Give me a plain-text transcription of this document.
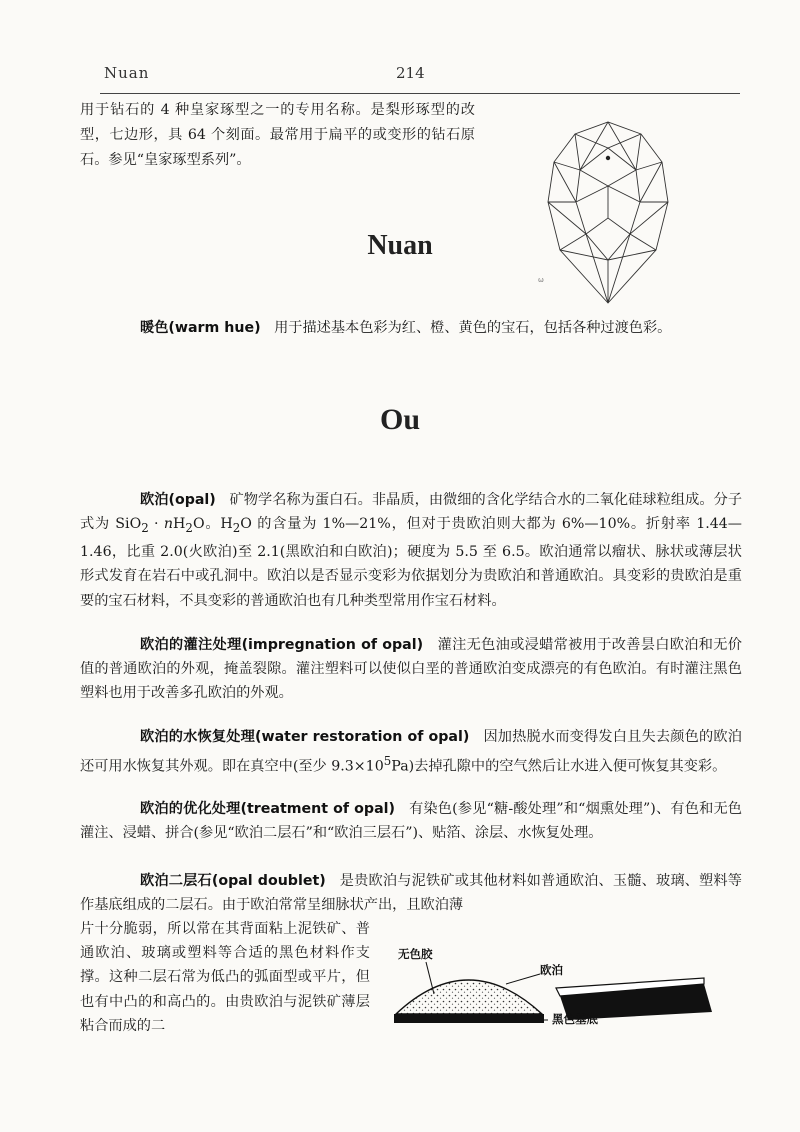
Nuan	214
用于钻石的 4 种皇家琢型之一的专用名称。是梨形琢型的改型，七边形，具 64 个刻面。最常用于扁平的或变形的钻石原石。参见“皇家琢型系列”。
ω
Nuan
Ou
暖色(warm hue) 用于描述基本色彩为红、橙、黄色的宝石，包括各种过渡色彩。
欧泊(opal) 矿物学名称为蛋白石。非晶质，由微细的含化学结合水的二氧化硅球粒组成。分子式为 $SiO_2 \cdot nH_2O$。$H_2O$ 的含量为 1%—21%，但对于贵欧泊则大都为 6%—10%。折射率 1.44—1.46，比重 2.0(火欧泊)至 2.1(黑欧泊和白欧泊)；硬度为 5.5 至 6.5。欧泊通常以瘤状、脉状或薄层状形式发育在岩石中或孔洞中。欧泊以是否显示变彩为依据划分为贵欧泊和普通欧泊。具变彩的贵欧泊是重要的宝石材料，不具变彩的普通欧泊也有几种类型常用作宝石材料。
欧泊的灌注处理(impregnation of opal) 灌注无色油或浸蜡常被用于改善昙白欧泊和无价值的普通欧泊的外观，掩盖裂隙。灌注塑料可以使似白垩的普通欧泊变成漂亮的有色欧泊。有时灌注黑色塑料也用于改善多孔欧泊的外观。
欧泊的水恢复处理(water restoration of opal) 因加热脱水而变得发白且失去颜色的欧泊还可用水恢复其外观。即在真空中(至少 $9.3\times 10^5Pa$)去掉孔隙中的空气然后让水进入便可恢复其变彩。
欧泊的优化处理(treatment of opal) 有染色(参见“糖-酸处理”和“烟熏处理”)、有色和无色灌注、浸蜡、拼合(参见“欧泊二层石”和“欧泊三层石”)、贴箔、涂层、水恢复处理。
欧泊二层石(opal doublet) 是贵欧泊与泥铁矿或其他材料如普通欧泊、玉髓、玻璃、塑料等作基底组成的二层石。由于欧泊常常呈细脉状产出，且欧泊薄
片十分脆弱，所以常在其背面粘上泥铁矿、普通欧泊、玻璃或塑料等合适的黑色材料作支撑。这种二层石常为低凸的弧面型或平片，但也有中凸的和高凸的。由贵欧泊与泥铁矿薄层粘合而成的二
无色胶
欧泊
黑色基底
